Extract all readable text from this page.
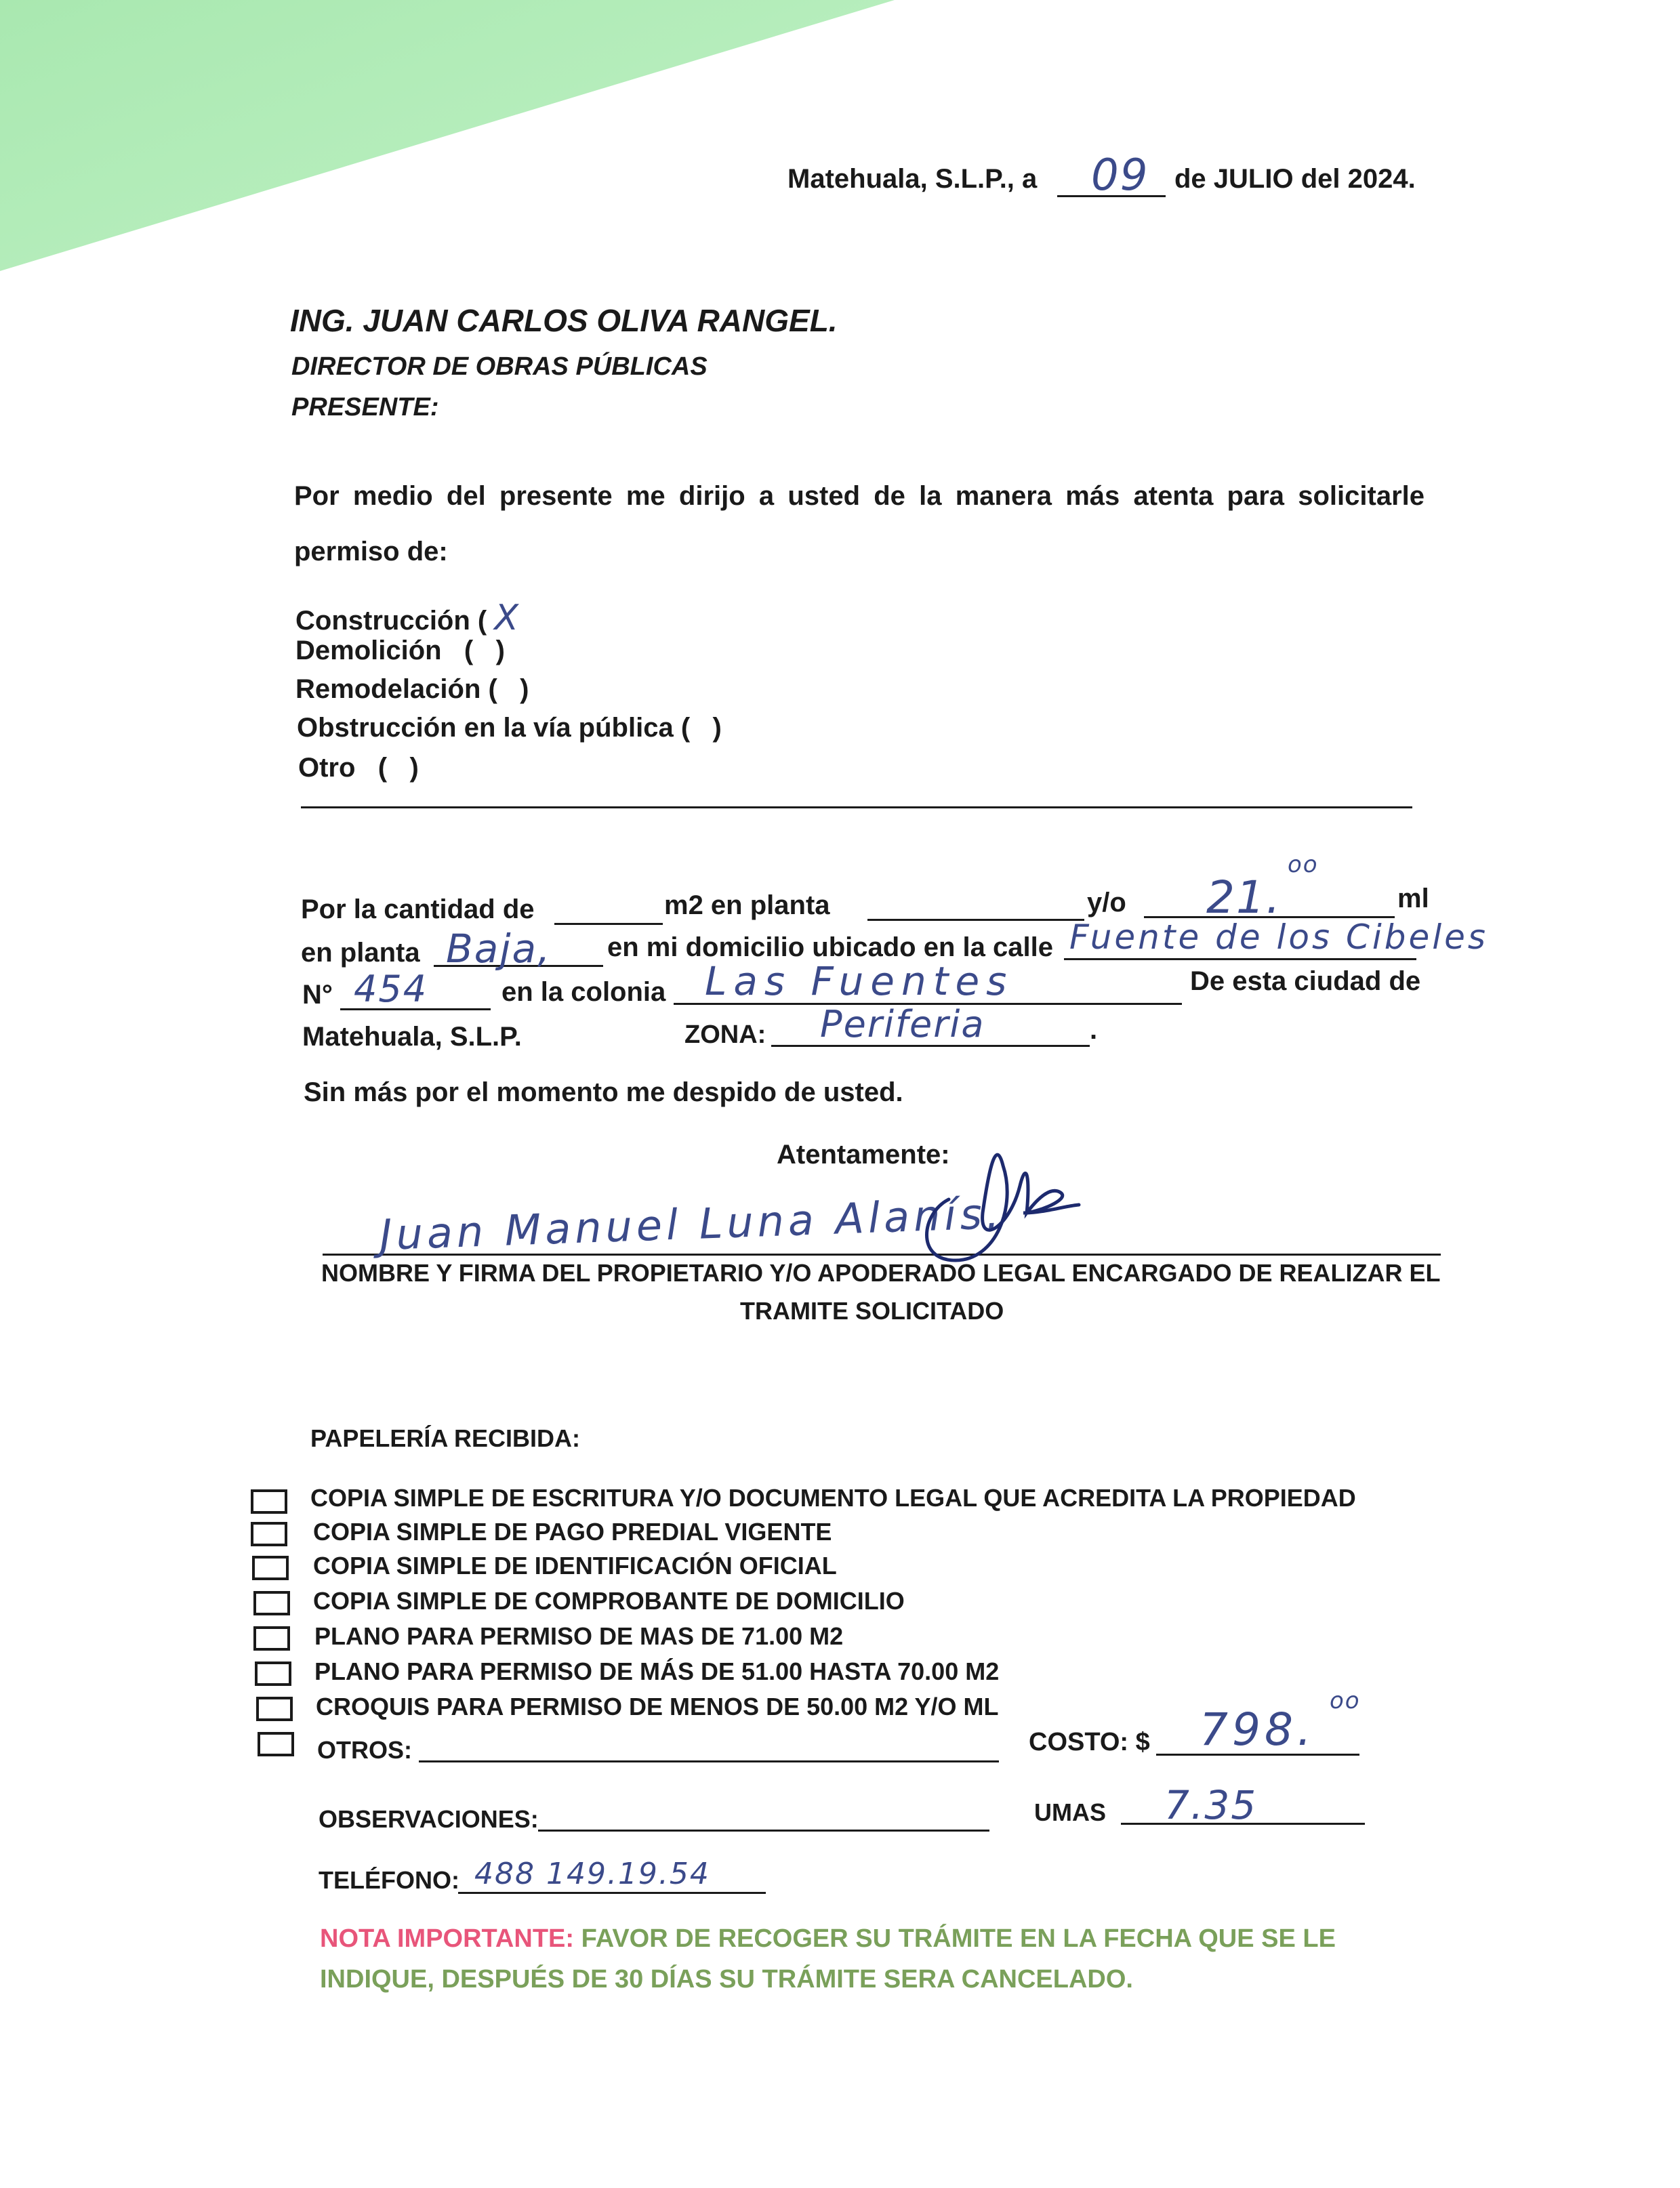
Matehuala, S.L.P., a 09 de JULIO del 2024.
ING. JUAN CARLOS OLIVA RANGEL.
DIRECTOR DE OBRAS PÚBLICAS
PRESENTE:
Por medio del presente me dirijo a usted de la manera más atenta para solicitarle
permiso de:
Construcción ( X
Demolición   (   )
Remodelación (   )
Obstrucción en la vía pública (   )
Otro   (   )
Por la cantidad de	m2 en planta	y/o 21.
oo
ml
en planta Baja, en mi domicilio ubicado en la calle Fuente de los Cibeles
N° 454	en la colonia Las Fuentes	De esta ciudad de
Matehuala, S.L.P.	ZONA: Periferia	.
Sin más por el momento me despido de usted.
Atentamente:
Juan Manuel Luna Alanís.
NOMBRE Y FIRMA DEL PROPIETARIO Y/O APODERADO LEGAL ENCARGADO DE REALIZAR EL
TRAMITE SOLICITADO
PAPELERÍA RECIBIDA:
COPIA SIMPLE DE ESCRITURA Y/O DOCUMENTO LEGAL QUE ACREDITA LA PROPIEDAD
COPIA SIMPLE DE PAGO PREDIAL VIGENTE
COPIA SIMPLE DE IDENTIFICACIÓN OFICIAL
COPIA SIMPLE DE COMPROBANTE DE DOMICILIO
PLANO PARA PERMISO DE MAS DE 71.00 M2
PLANO PARA PERMISO DE MÁS DE 51.00 HASTA 70.00 M2
CROQUIS PARA PERMISO DE MENOS DE 50.00 M2 Y/O ML
OTROS:	COSTO: $ 798.
oo
OBSERVACIONES:	UMAS 7.35
TELÉFONO: 488 149.19.54
NOTA IMPORTANTE: FAVOR DE RECOGER SU TRÁMITE EN LA FECHA QUE SE LE
INDIQUE, DESPUÉS DE 30 DÍAS SU TRÁMITE SERA CANCELADO.
